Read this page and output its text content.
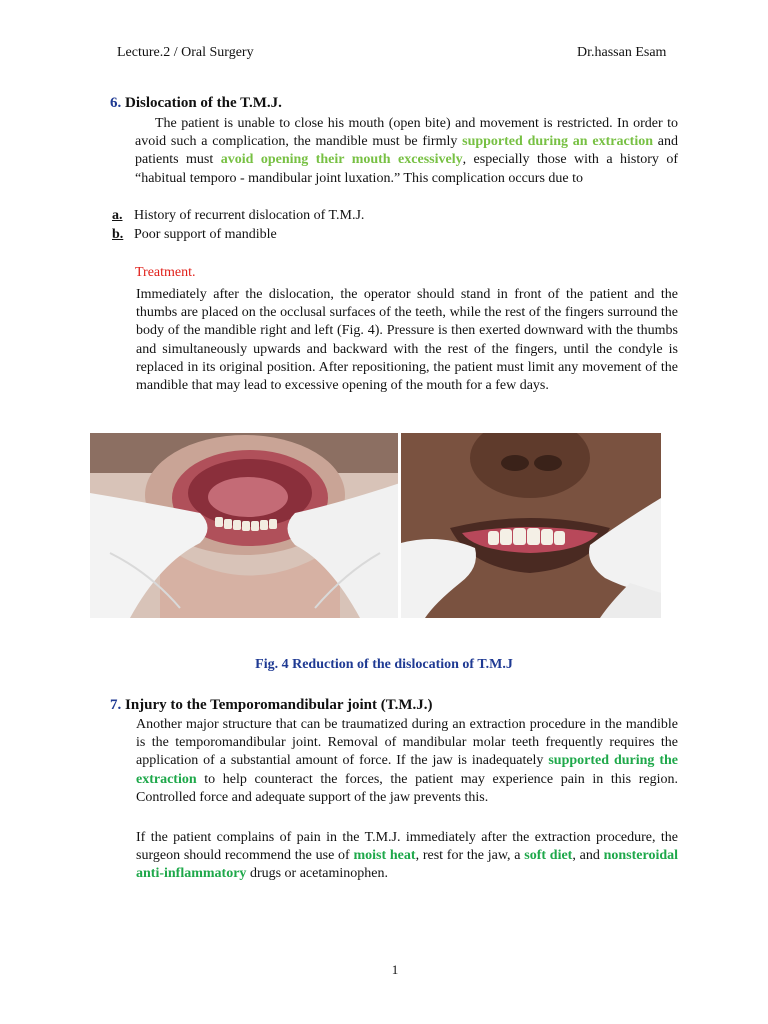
Lecture.2 / Oral Surgery	Dr.hassan Esam
6. Dislocation of the T.M.J.

The patient is unable to close his mouth (open bite) and movement is restricted. In order to avoid such a complication, the mandible must be firmly supported during an extraction and patients must avoid opening their mouth excessively, especially those with a history of “habitual temporo - mandibular joint luxation.” This complication occurs due to

a. History of recurrent dislocation of T.M.J.
b. Poor support of mandible
Treatment.

Immediately after the dislocation, the operator should stand in front of the patient and the thumbs are placed on the occlusal surfaces of the teeth, while the rest of the fingers surround the body of the mandible right and left (Fig. 4). Pressure is then exerted downward with the thumbs and simultaneously upwards and backward with the rest of the fingers, until the condyle is replaced in its original position. After repositioning, the patient must limit any movement of the mandible that may lead to excessive opening of the mouth for a few days.

Fig. 4 Reduction of the dislocation of T.M.J
7. Injury to the Temporomandibular joint (T.M.J.)

Another major structure that can be traumatized during an extraction procedure in the mandible is the temporomandibular joint. Removal of mandibular molar teeth frequently requires the application of a substantial amount of force. If the jaw is inadequately supported during the extraction to help counteract the forces, the patient may experience pain in this region. Controlled force and adequate support of the jaw prevents this.

If the patient complains of pain in the T.M.J. immediately after the extraction procedure, the surgeon should recommend the use of moist heat, rest for the jaw, a soft diet, and nonsteroidal anti-inflammatory drugs or acetaminophen.

1
